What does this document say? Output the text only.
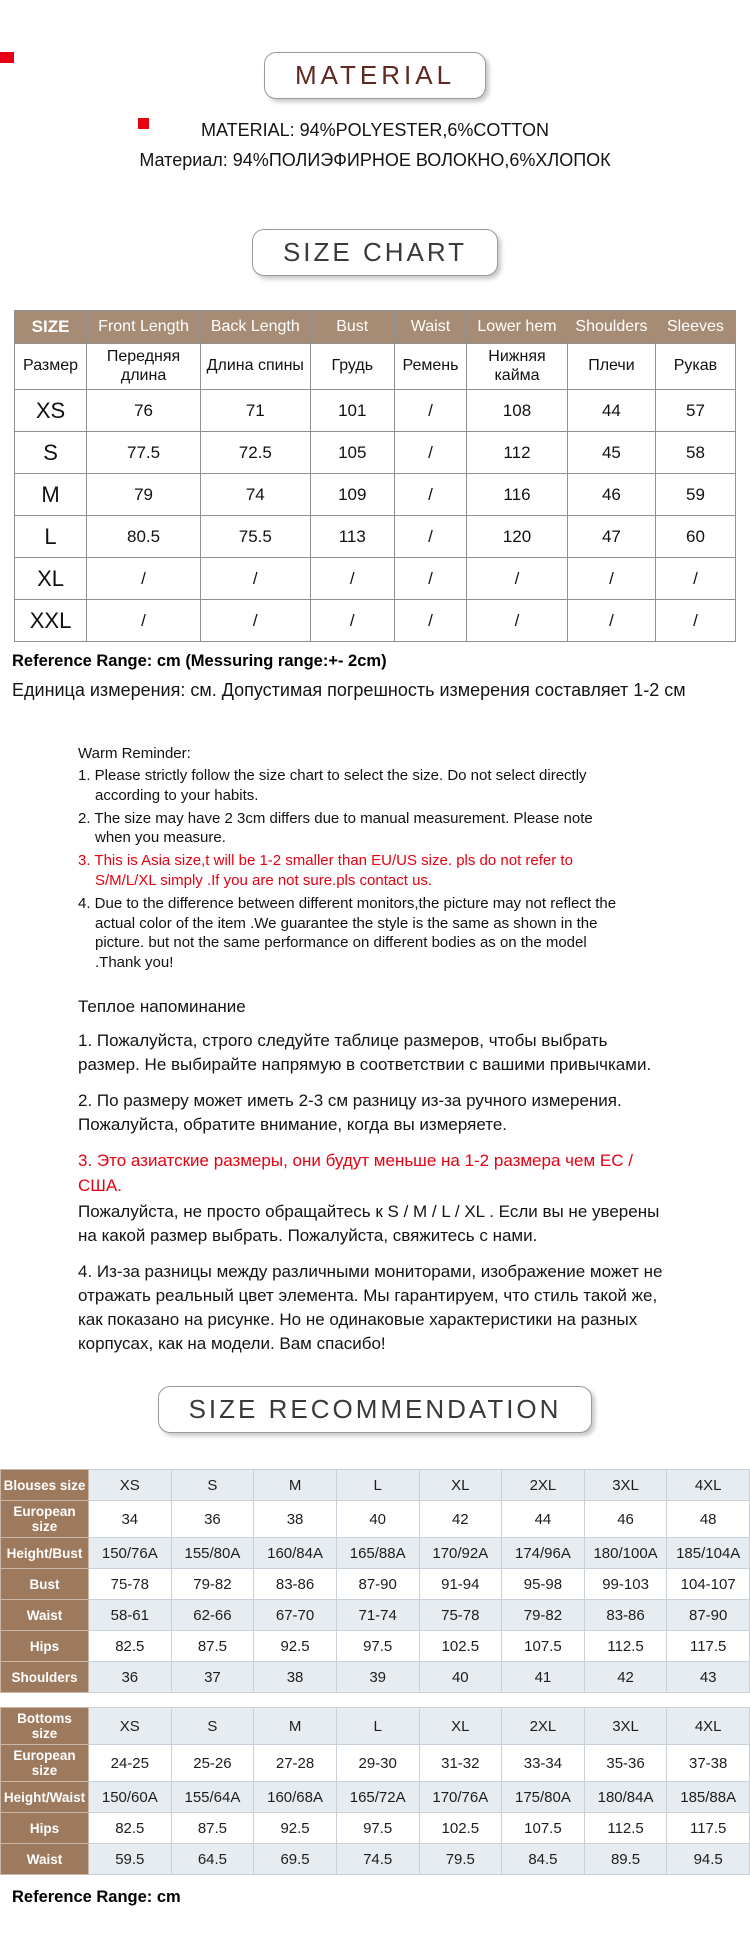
MATERIAL
MATERIAL: 94%POLYESTER,6%COTTON
Материал: 94%ПОЛИЭФИРНОЕ ВОЛОКНО,6%ХЛОПОК
SIZE CHART
SIZE	Front Length	Back Length	Bust	Waist	Lower hem	Shoulders	Sleeves
Размер	Передняя длина	Длина спины	Грудь	Ремень	Нижняя кайма	Плечи	Рукав
XS	76	71	101	/	108	44	57
S	77.5	72.5	105	/	112	45	58
M	79	74	109	/	116	46	59
L	80.5	75.5	113	/	120	47	60
XL	/	/	/	/	/	/	/
XXL	/	/	/	/	/	/	/
Reference Range: cm (Messuring range:+- 2cm)
Единица измерения: см. Допустимая погрешность измерения составляет 1-2 см
Warm Reminder:

1. Please strictly follow the size chart to select the size. Do not select directly according to your habits.

2. The size may have 2 3cm differs due to manual measurement. Please note when you measure.

3. This is Asia size,t will be 1-2 smaller than EU/US size. pls do not refer to S/M/L/XL simply .If you are not sure.pls contact us.

4. Due to the difference between different monitors,the picture may not reflect the actual color of the item .We guarantee the style is the same as shown in the picture. but not the same performance on different bodies as on the model .Thank you!

Теплое напоминание

1. Пожалуйста, строго следуйте таблице размеров, чтобы выбрать размер. Не выбирайте напрямую в соответствии с вашими привычками.

2. По размеру может иметь 2-3 см разницу из-за ручного измерения. Пожалуйста, обратите внимание, когда вы измеряете.

3. Это азиатские размеры, они будут меньше на 1-2 размера чем ЕС / США.

Пожалуйста, не просто обращайтесь к S / M / L / XL . Если вы не уверены на какой размер выбрать. Пожалуйста, свяжитесь с нами.

4. Из-за разницы между различными мониторами, изображение может не отражать реальный цвет элемента. Мы гарантируем, что стиль такой же, как показано на рисунке. Но не одинаковые характеристики на разных корпусах, как на модели. Вам спасибо!

SIZE RECOMMENDATION
Blouses size	XS	S	M	L	XL	2XL	3XL	4XL
European size	34	36	38	40	42	44	46	48
Height/Bust	150/76A	155/80A	160/84A	165/88A	170/92A	174/96A	180/100A	185/104A
Bust	75-78	79-82	83-86	87-90	91-94	95-98	99-103	104-107
Waist	58-61	62-66	67-70	71-74	75-78	79-82	83-86	87-90
Hips	82.5	87.5	92.5	97.5	102.5	107.5	112.5	117.5
Shoulders	36	37	38	39	40	41	42	43
Bottoms size	XS	S	M	L	XL	2XL	3XL	4XL
European size	24-25	25-26	27-28	29-30	31-32	33-34	35-36	37-38
Height/Waist	150/60A	155/64A	160/68A	165/72A	170/76A	175/80A	180/84A	185/88A
Hips	82.5	87.5	92.5	97.5	102.5	107.5	112.5	117.5
Waist	59.5	64.5	69.5	74.5	79.5	84.5	89.5	94.5
Reference Range: cm
